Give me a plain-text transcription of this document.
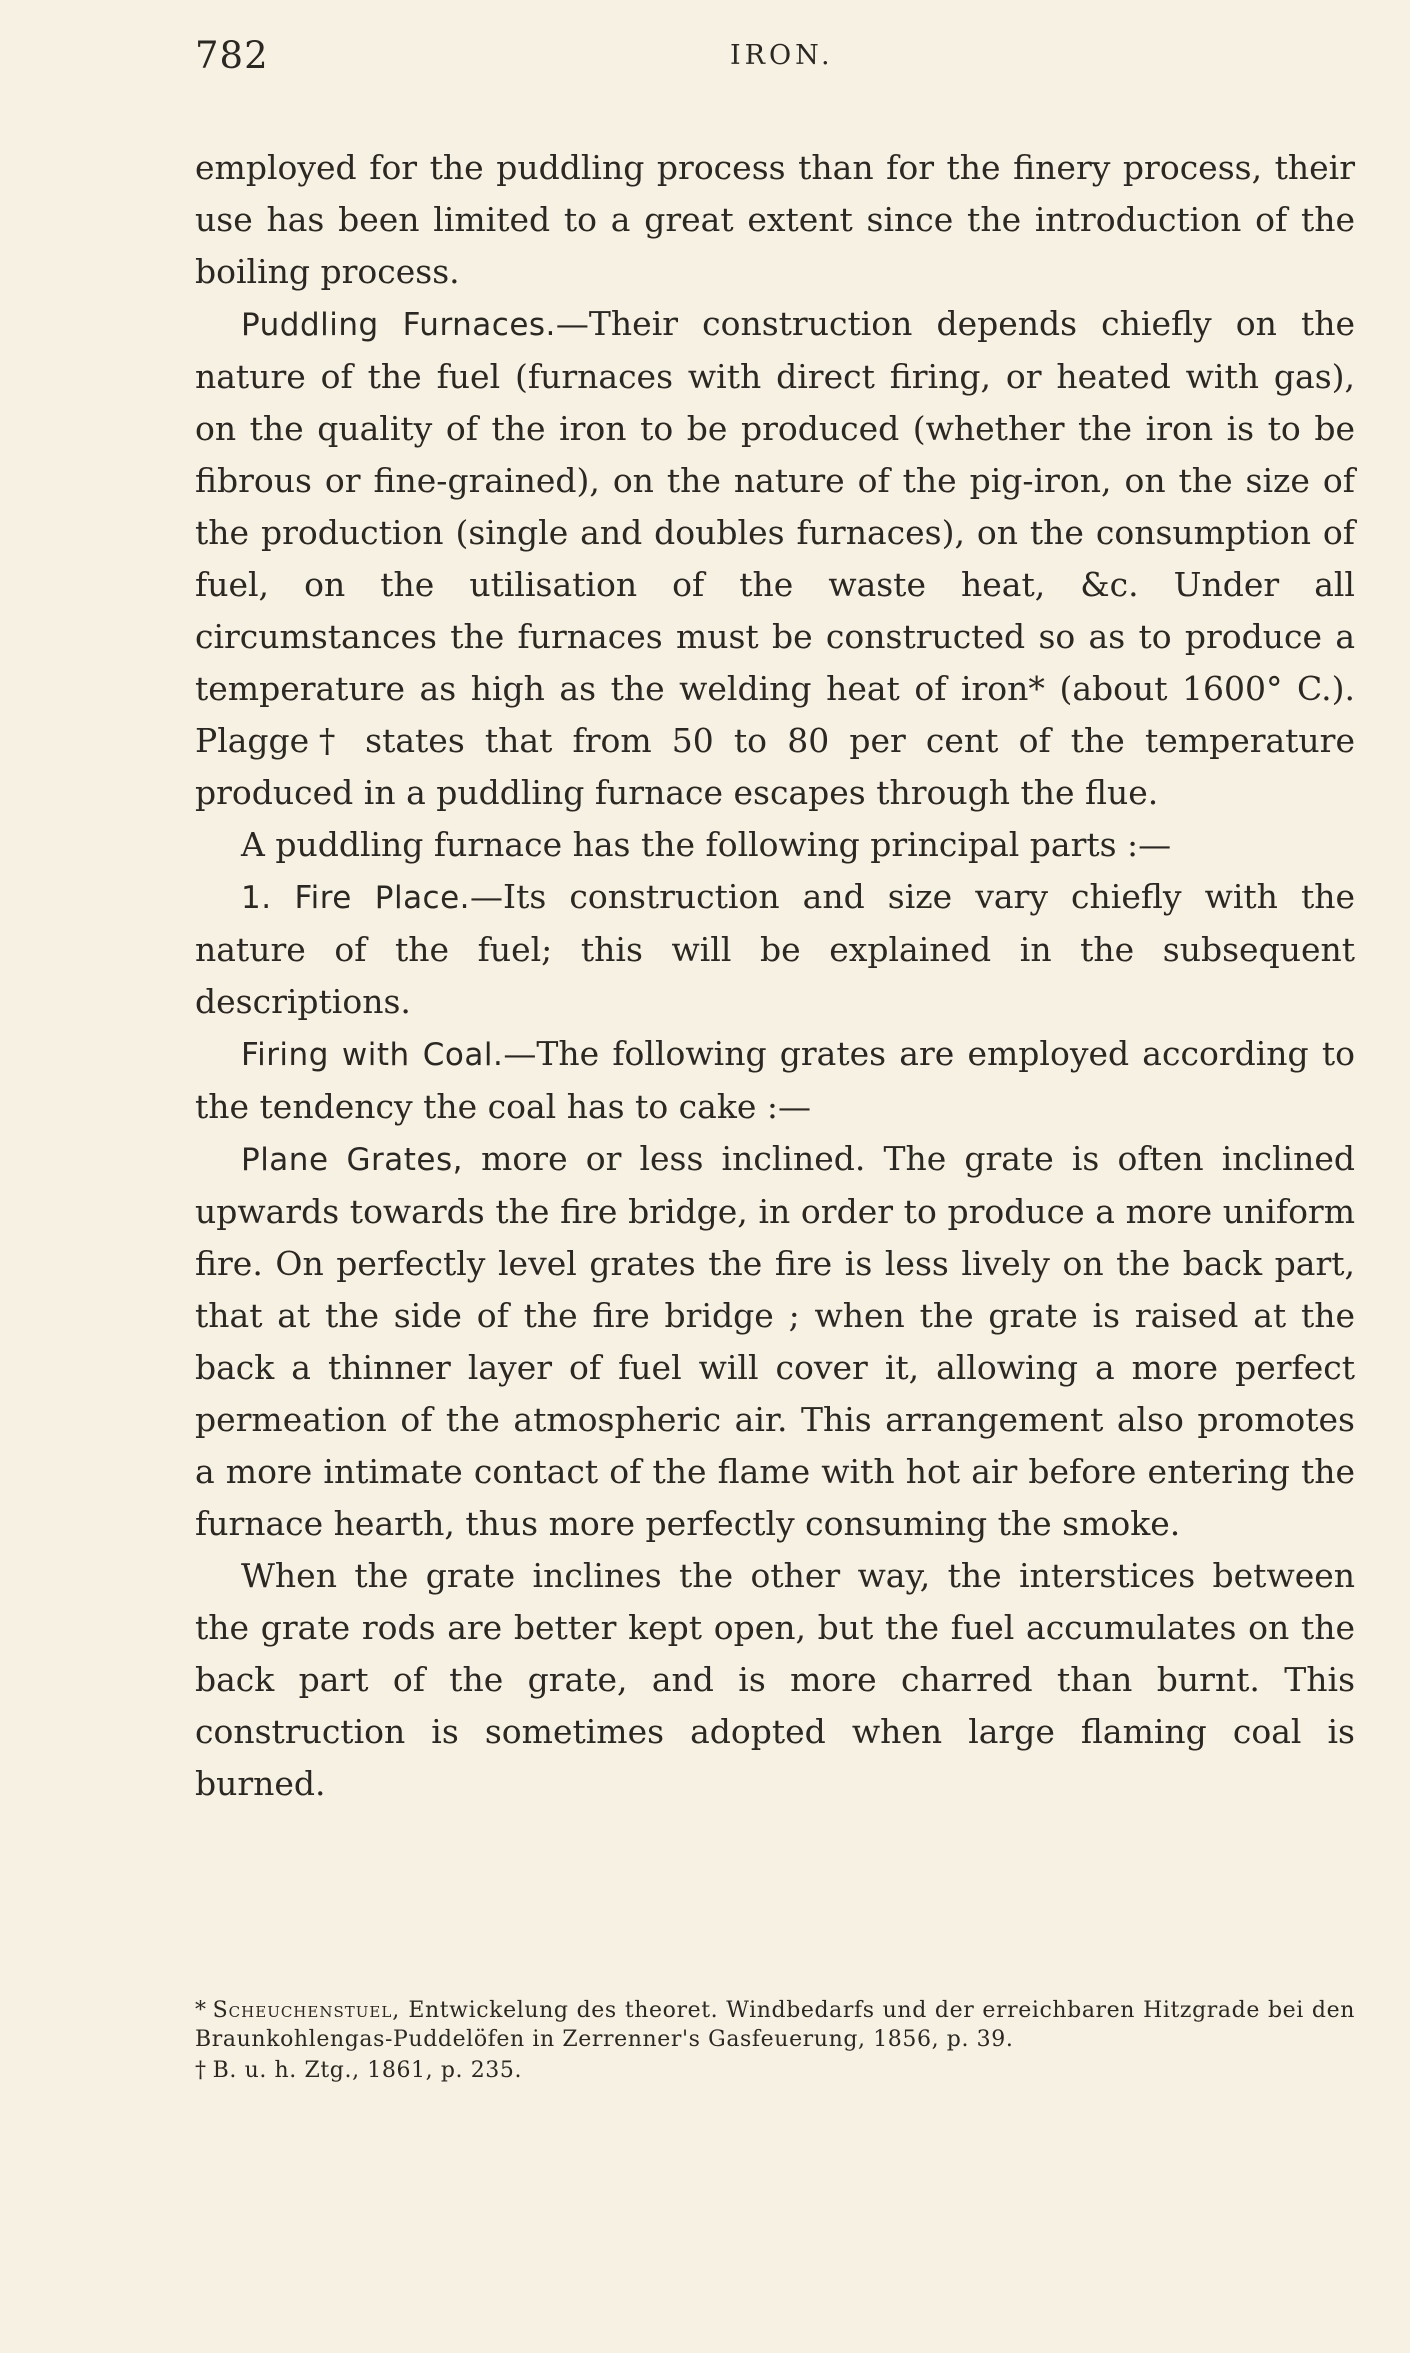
782	IRON.

employed for the puddling process than for the finery process, their use has been limited to a great extent since the introduction of the boiling process.

Puddling Furnaces.—Their construction depends chiefly on the nature of the fuel (furnaces with direct firing, or heated with gas), on the quality of the iron to be produced (whether the iron is to be fibrous or fine-grained), on the nature of the pig-iron, on the size of the production (single and doubles furnaces), on the consumption of fuel, on the utilisation of the waste heat, &c. Under all circumstances the furnaces must be constructed so as to produce a temperature as high as the welding heat of iron* (about 1600° C.). Plagge† states that from 50 to 80 per cent of the temperature produced in a puddling furnace escapes through the flue.

A puddling furnace has the following principal parts :—

1. Fire Place.—Its construction and size vary chiefly with the nature of the fuel; this will be explained in the subsequent descriptions.

Firing with Coal.—The following grates are employed according to the tendency the coal has to cake :—

Plane Grates, more or less inclined. The grate is often inclined upwards towards the fire bridge, in order to produce a more uniform fire. On perfectly level grates the fire is less lively on the back part, that at the side of the fire bridge ; when the grate is raised at the back a thinner layer of fuel will cover it, allowing a more perfect permeation of the atmospheric air. This arrangement also promotes a more intimate contact of the flame with hot air before entering the furnace hearth, thus more perfectly consuming the smoke.

When the grate inclines the other way, the interstices between the grate rods are better kept open, but the fuel accumulates on the back part of the grate, and is more charred than burnt. This construction is sometimes adopted when large flaming coal is burned.

* Scheuchenstuel, Entwickelung des theoret. Windbedarfs und der erreichbaren Hitzgrade bei den Braunkohlengas-Puddelöfen in Zerrenner's Gasfeuerung, 1856, p. 39.

† B. u. h. Ztg., 1861, p. 235.
